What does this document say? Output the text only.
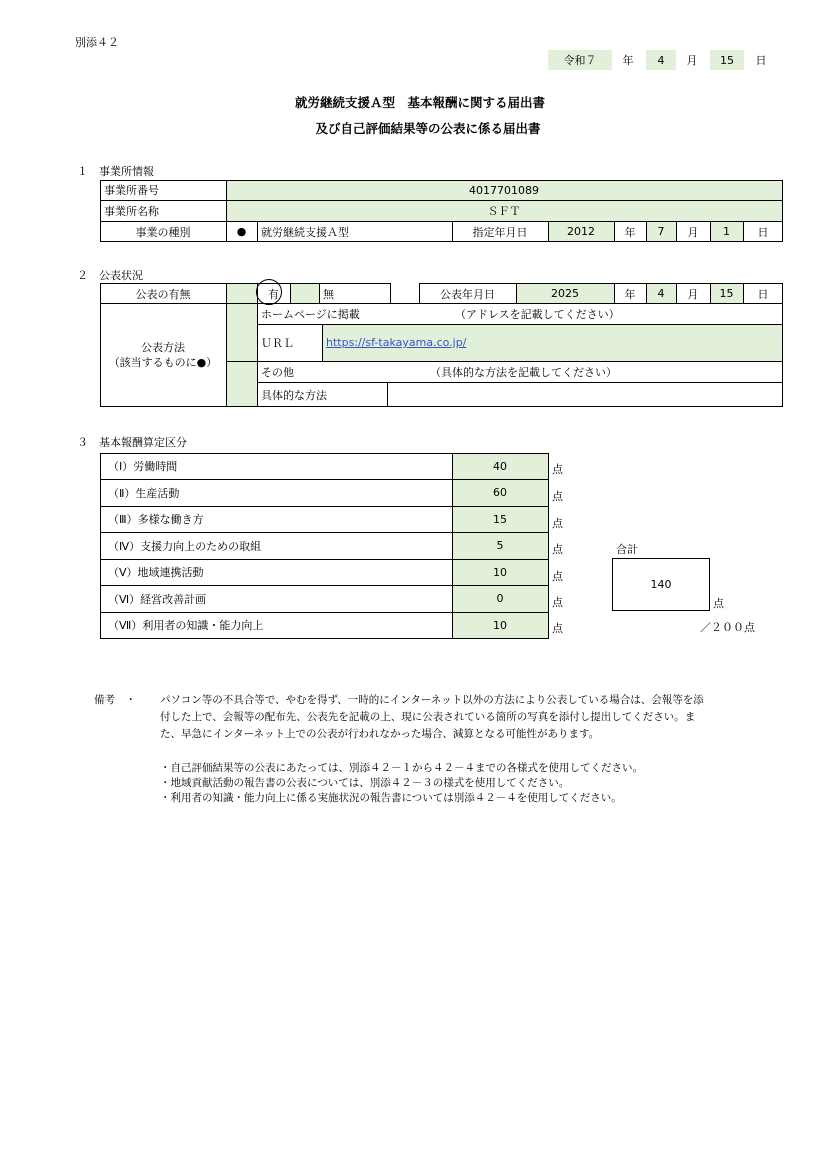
別添４２
令和７	年	4	月	15	日
就労継続支援Ａ型　基本報酬に関する届出書
及び自己評価結果等の公表に係る届出書
１　事業所情報
事業所番号	4017701089
事業所名称	ＳＦＴ
事業の種別	●	就労継続支援Ａ型	指定年月日	2012	年	7	月	1	日
２　公表状況
公表の有無	有	無	公表年月日	2025	年	4	月	15	日
公表方法
（該当するものに●）
ホームページに掲載	（アドレスを記載してください）
ＵＲＬ	https://sf-takayama.co.jp/
その他	（具体的な方法を記載してください）
具体的な方法
３　基本報酬算定区分
（Ⅰ）労働時間	40	点
（Ⅱ）生産活動	60	点
（Ⅲ）多様な働き方	15	点
（Ⅳ）支援力向上のための取組	5	点
（Ⅴ）地域連携活動	10	点
（Ⅵ）経営改善計画	0	点
（Ⅶ）利用者の知識・能力向上	10	点
合計
140
点
／２００点
備考　・ パソコン等の不具合等で、やむを得ず、一時的にインターネット以外の方法により公表している場合は、会報等を添
付した上で、会報等の配布先、公表先を記載の上、現に公表されている箇所の写真を添付し提出してください。ま
た、早急にインターネット上での公表が行われなかった場合、減算となる可能性があります。
・自己評価結果等の公表にあたっては、別添４２－１から４２－４までの各様式を使用してください。
・地域貢献活動の報告書の公表については、別添４２－３の様式を使用してください。
・利用者の知識・能力向上に係る実施状況の報告書については別添４２－４を使用してください。
